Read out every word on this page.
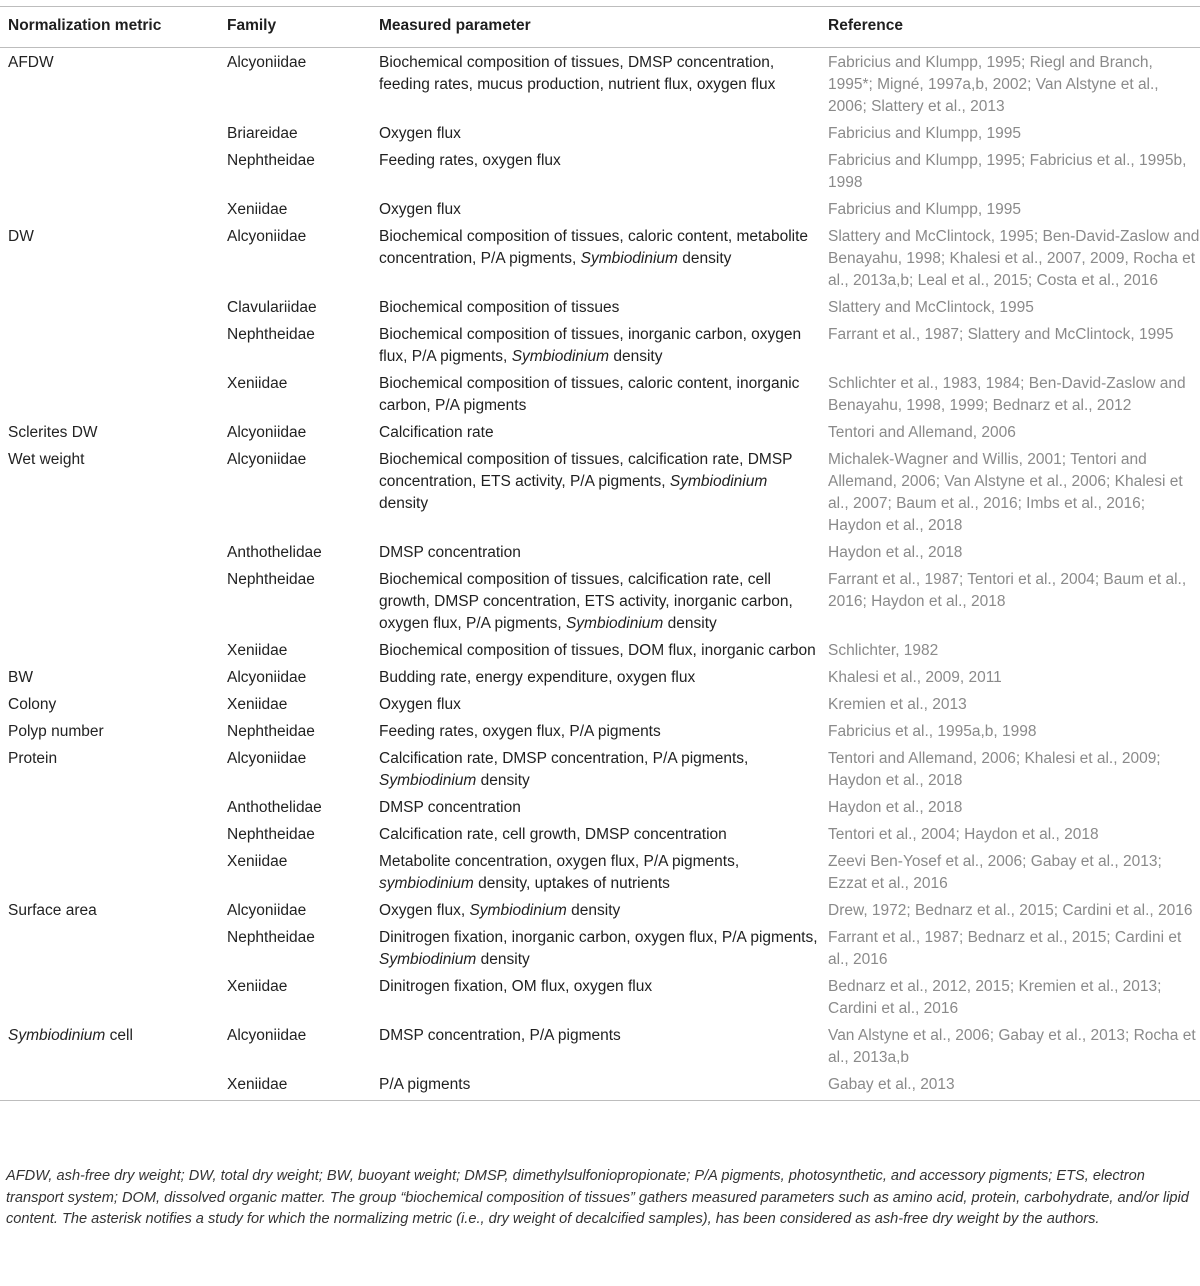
Normalization metric	Family	Measured parameter	Reference
AFDW	Alcyoniidae	Biochemical composition of tissues, DMSP concentration, feeding rates, mucus production, nutrient flux, oxygen flux	Fabricius and Klumpp, 1995; Riegl and Branch, 1995*; Migné, 1997a,b, 2002; Van Alstyne et al., 2006; Slattery et al., 2013
	Briareidae	Oxygen flux	Fabricius and Klumpp, 1995
	Nephtheidae	Feeding rates, oxygen flux	Fabricius and Klumpp, 1995; Fabricius et al., 1995b, 1998
	Xeniidae	Oxygen flux	Fabricius and Klumpp, 1995
DW	Alcyoniidae	Biochemical composition of tissues, caloric content, metabolite concentration, P/A pigments, Symbiodinium density	Slattery and McClintock, 1995; Ben-David-Zaslow and Benayahu, 1998; Khalesi et al., 2007, 2009, Rocha et al., 2013a,b; Leal et al., 2015; Costa et al., 2016
	Clavulariidae	Biochemical composition of tissues	Slattery and McClintock, 1995
	Nephtheidae	Biochemical composition of tissues, inorganic carbon, oxygen flux, P/A pigments, Symbiodinium density	Farrant et al., 1987; Slattery and McClintock, 1995
	Xeniidae	Biochemical composition of tissues, caloric content, inorganic carbon, P/A pigments	Schlichter et al., 1983, 1984; Ben-David-Zaslow and Benayahu, 1998, 1999; Bednarz et al., 2012
Sclerites DW	Alcyoniidae	Calcification rate	Tentori and Allemand, 2006
Wet weight	Alcyoniidae	Biochemical composition of tissues, calcification rate, DMSP concentration, ETS activity, P/A pigments, Symbiodinium density	Michalek-Wagner and Willis, 2001; Tentori and Allemand, 2006; Van Alstyne et al., 2006; Khalesi et al., 2007; Baum et al., 2016; Imbs et al., 2016; Haydon et al., 2018
	Anthothelidae	DMSP concentration	Haydon et al., 2018
	Nephtheidae	Biochemical composition of tissues, calcification rate, cell growth, DMSP concentration, ETS activity, inorganic carbon, oxygen flux, P/A pigments, Symbiodinium density	Farrant et al., 1987; Tentori et al., 2004; Baum et al., 2016; Haydon et al., 2018
	Xeniidae	Biochemical composition of tissues, DOM flux, inorganic carbon	Schlichter, 1982
BW	Alcyoniidae	Budding rate, energy expenditure, oxygen flux	Khalesi et al., 2009, 2011
Colony	Xeniidae	Oxygen flux	Kremien et al., 2013
Polyp number	Nephtheidae	Feeding rates, oxygen flux, P/A pigments	Fabricius et al., 1995a,b, 1998
Protein	Alcyoniidae	Calcification rate, DMSP concentration, P/A pigments, Symbiodinium density	Tentori and Allemand, 2006; Khalesi et al., 2009; Haydon et al., 2018
	Anthothelidae	DMSP concentration	Haydon et al., 2018
	Nephtheidae	Calcification rate, cell growth, DMSP concentration	Tentori et al., 2004; Haydon et al., 2018
	Xeniidae	Metabolite concentration, oxygen flux, P/A pigments, symbiodinium density, uptakes of nutrients	Zeevi Ben-Yosef et al., 2006; Gabay et al., 2013; Ezzat et al., 2016
Surface area	Alcyoniidae	Oxygen flux, Symbiodinium density	Drew, 1972; Bednarz et al., 2015; Cardini et al., 2016
	Nephtheidae	Dinitrogen fixation, inorganic carbon, oxygen flux, P/A pigments, Symbiodinium density	Farrant et al., 1987; Bednarz et al., 2015; Cardini et al., 2016
	Xeniidae	Dinitrogen fixation, OM flux, oxygen flux	Bednarz et al., 2012, 2015; Kremien et al., 2013; Cardini et al., 2016
Symbiodinium cell	Alcyoniidae	DMSP concentration, P/A pigments	Van Alstyne et al., 2006; Gabay et al., 2013; Rocha et al., 2013a,b
	Xeniidae	P/A pigments	Gabay et al., 2013
AFDW, ash-free dry weight; DW, total dry weight; BW, buoyant weight; DMSP, dimethylsulfoniopropionate; P/A pigments, photosynthetic, and accessory pigments; ETS, electron transport system; DOM, dissolved organic matter. The group “biochemical composition of tissues” gathers measured parameters such as amino acid, protein, carbohydrate, and/or lipid content. The asterisk notifies a study for which the normalizing metric (i.e., dry weight of decalcified samples), has been considered as ash-free dry weight by the authors.
